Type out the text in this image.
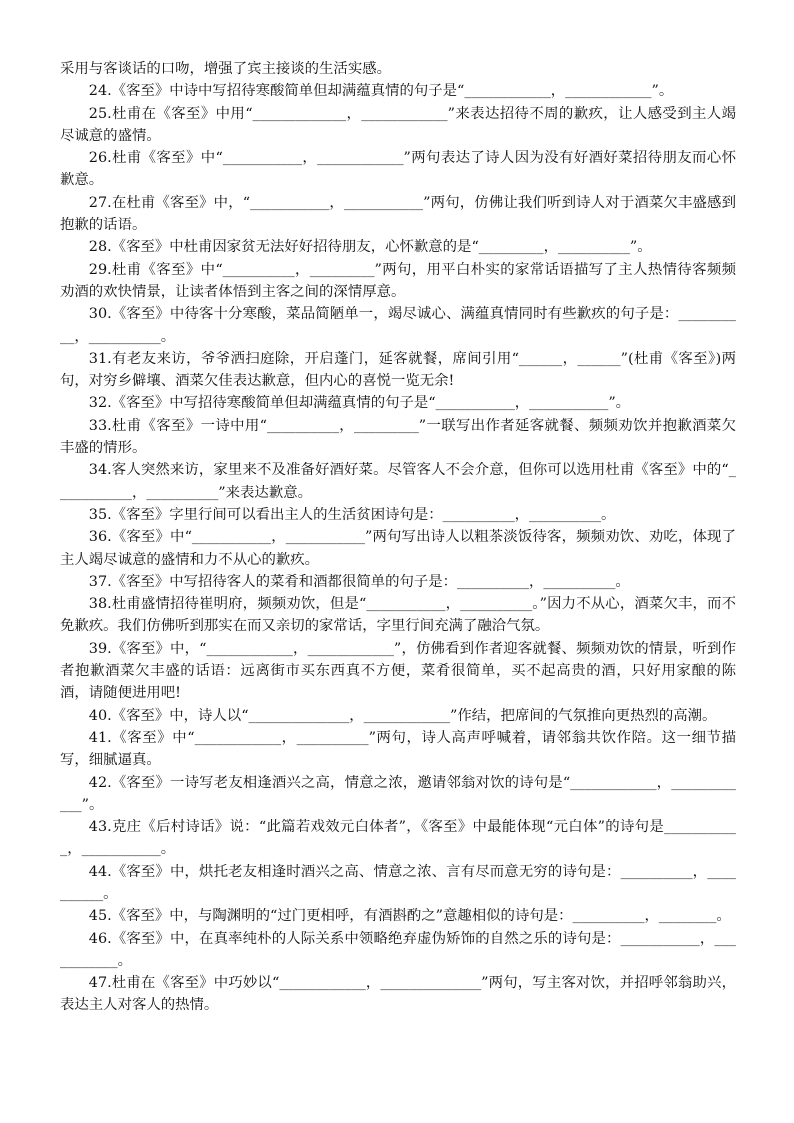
采用与客谈话的口吻，增强了宾主接谈的生活实感。

24.《客至》中诗中写招待寒酸简单但却满蕴真情的句子是“____________，____________”。

25.杜甫在《客至》中用“_____________，____________”来表达招待不周的歉疚，让人感受到主人竭尽诚意的盛情。

26.杜甫《客至》中“___________，____________”两句表达了诗人因为没有好酒好菜招待朋友而心怀歉意。

27.在杜甫《客至》中，“___________，___________”两句，仿佛让我们听到诗人对于酒菜欠丰盛感到抱歉的话语。

28.《客至》中杜甫因家贫无法好好招待朋友，心怀歉意的是“_________，__________”。

29.杜甫《客至》中“__________，_________”两句，用平白朴实的家常话语描写了主人热情待客频频劝酒的欢快情景，让读者体悟到主客之间的深情厚意。

30.《客至》中待客十分寒酸，菜品简陋单一，竭尽诚心、满蕴真情同时有些歉疚的句子是：__________，__________。

31.有老友来访，爷爷洒扫庭除，开启蓬门，延客就餐，席间引用“______，______”(杜甫《客至》)两句，对穷乡僻壤、酒菜欠佳表达歉意，但内心的喜悦一览无余!

32.《客至》中写招待寒酸简单但却满蕴真情的句子是“___________，___________”。

33.杜甫《客至》一诗中用“__________，_________”一联写出作者延客就餐、频频劝饮并抱歉酒菜欠丰盛的情形。

34.客人突然来访，家里来不及准备好酒好菜。尽管客人不会介意，但你可以选用杜甫《客至》中的“___________，__________”来表达歉意。

35.《客至》字里行间可以看出主人的生活贫困诗句是：__________，__________。

36.《客至》中“___________，___________”两句写出诗人以粗茶淡饭待客，频频劝饮、劝吃，体现了主人竭尽诚意的盛情和力不从心的歉疚。

37.《客至》中写招待客人的菜肴和酒都很简单的句子是：__________，__________。

38.杜甫盛情招待崔明府，频频劝饮，但是“___________，__________。”因力不从心，酒菜欠丰，而不免歉疚。我们仿佛听到那实在而又亲切的家常话，字里行间充满了融洽气氛。

39.《客至》中，“____________，____________”，仿佛看到作者迎客就餐、频频劝饮的情景，听到作者抱歉酒菜欠丰盛的话语：远离街市买东西真不方便，菜肴很简单，买不起高贵的酒，只好用家酿的陈酒，请随便进用吧!

40.《客至》中，诗人以“______________，____________”作结，把席间的气氛推向更热烈的高潮。

41.《客至》中“____________，__________”两句，诗人高声呼喊着，请邻翁共饮作陪。这一细节描写，细腻逼真。

42.《客至》一诗写老友相逢酒兴之高，情意之浓，邀请邻翁对饮的诗句是“____________，____________”。

43.克庄《后村诗话》说：“此篇若戏效元白体者”，《客至》中最能体现“元白体”的诗句是___________，___________。

44.《客至》中，烘托老友相逢时酒兴之高、情意之浓、言有尽而意无穷的诗句是：__________，__________。

45.《客至》中，与陶渊明的“过门更相呼，有酒斟酌之”意趣相似的诗句是：__________，________。

46.《客至》中，在真率纯朴的人际关系中领略绝弃虚伪矫饰的自然之乐的诗句是：___________，___________。

47.杜甫在《客至》中巧妙以“____________，______________”两句，写主客对饮，并招呼邻翁助兴，表达主人对客人的热情。
